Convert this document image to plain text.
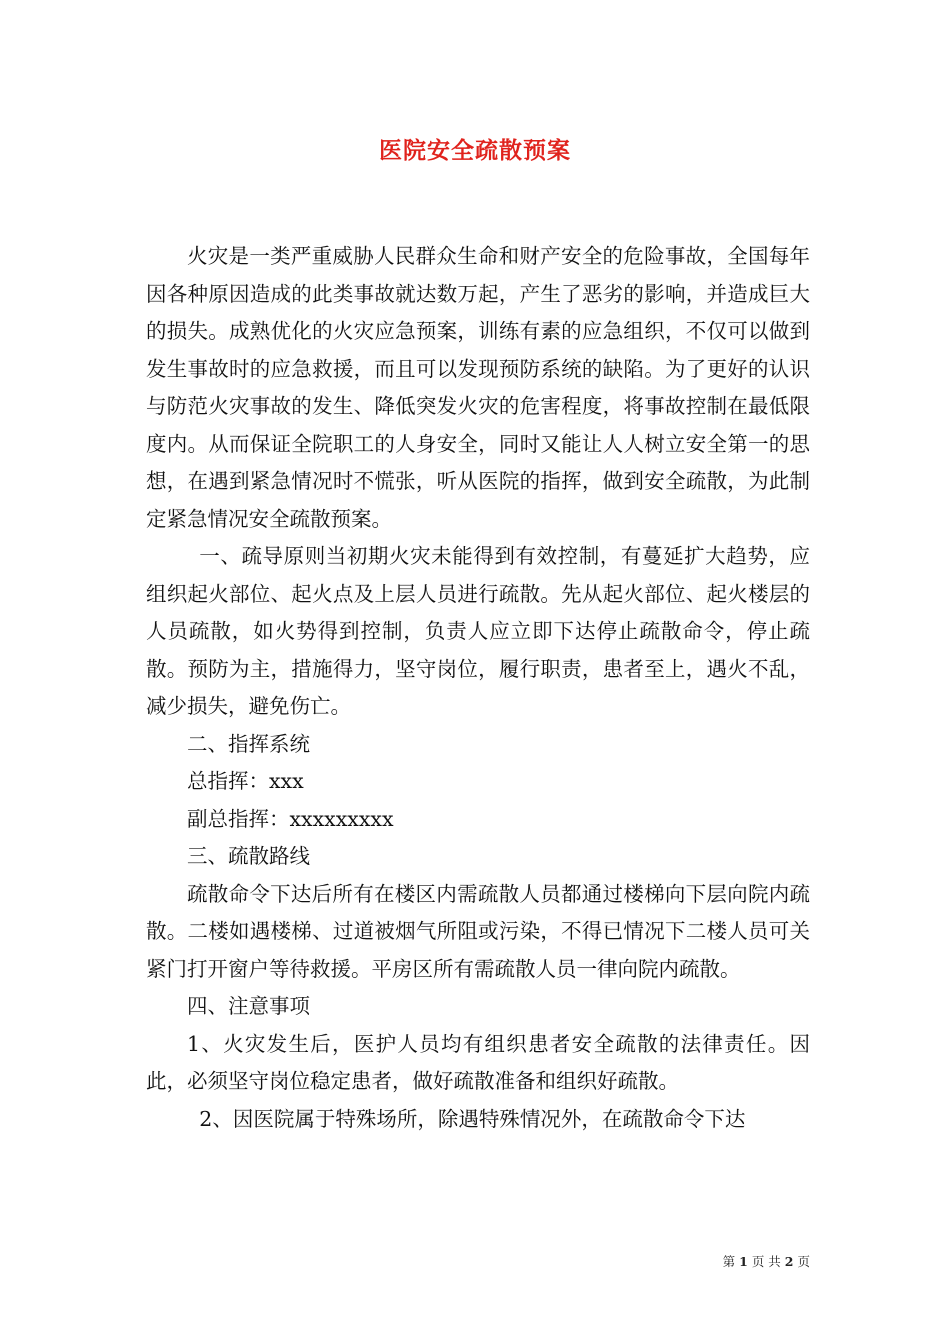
医院安全疏散预案

火灾是一类严重威胁人民群众生命和财产安全的危险事故，全国每年因各种原因造成的此类事故就达数万起，产生了恶劣的影响，并造成巨大的损失。成熟优化的火灾应急预案，训练有素的应急组织，不仅可以做到发生事故时的应急救援，而且可以发现预防系统的缺陷。为了更好的认识与防范火灾事故的发生、降低突发火灾的危害程度，将事故控制在最低限度内。从而保证全院职工的人身安全，同时又能让人人树立安全第一的思想，在遇到紧急情况时不慌张，听从医院的指挥，做到安全疏散，为此制定紧急情况安全疏散预案。

一、疏导原则当初期火灾未能得到有效控制，有蔓延扩大趋势，应组织起火部位、起火点及上层人员进行疏散。先从起火部位、起火楼层的人员疏散，如火势得到控制，负责人应立即下达停止疏散命令，停止疏散。预防为主，措施得力，坚守岗位，履行职责，患者至上，遇火不乱，减少损失，避免伤亡。

二、指挥系统

总指挥：xxx

副总指挥：xxxxxxxxx

三、疏散路线

疏散命令下达后所有在楼区内需疏散人员都通过楼梯向下层向院内疏散。二楼如遇楼梯、过道被烟气所阻或污染，不得已情况下二楼人员可关紧门打开窗户等待救援。平房区所有需疏散人员一律向院内疏散。

四、注意事项

1、火灾发生后，医护人员均有组织患者安全疏散的法律责任。因此，必须坚守岗位稳定患者，做好疏散准备和组织好疏散。

2、因医院属于特殊场所，除遇特殊情况外，在疏散命令下达

第 1 页 共 2 页
